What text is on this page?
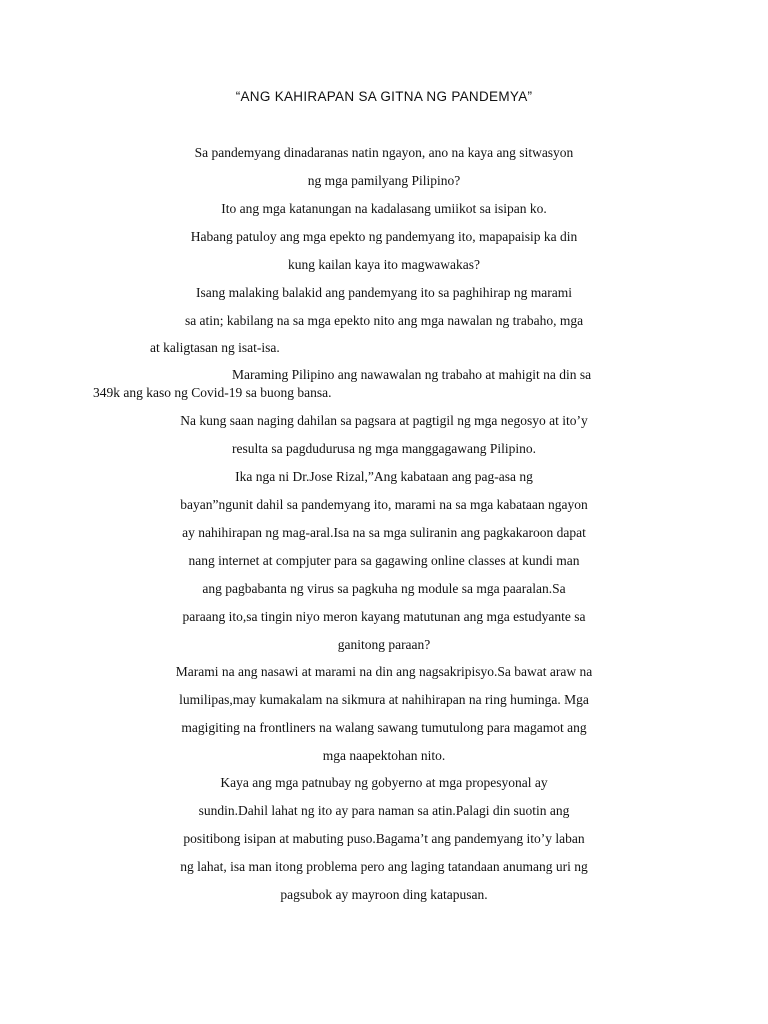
“ANG KAHIRAPAN SA GITNA NG PANDEMYA”
Sa pandemyang dinadaranas natin ngayon, ano na kaya ang sitwasyon
ng mga pamilyang Pilipino?
Ito ang mga katanungan na kadalasang umiikot sa isipan ko.
Habang patuloy ang mga epekto ng pandemyang ito, mapapaisip ka din
kung kailan kaya ito magwawakas?
Isang malaking balakid ang pandemyang ito sa paghihirap ng marami
sa atin; kabilang na sa mga epekto nito ang mga nawalan ng trabaho, mga
at kaligtasan ng isat-isa.
Maraming Pilipino ang nawawalan ng trabaho at mahigit na din sa
349k ang kaso ng Covid-19 sa buong bansa.
Na kung saan naging dahilan sa pagsara at pagtigil ng mga negosyo at ito’y
resulta sa pagdudurusa ng mga manggagawang Pilipino.
Ika nga ni Dr.Jose Rizal,”Ang kabataan ang pag-asa ng
bayan”ngunit dahil sa pandemyang ito, marami na sa mga kabataan ngayon
ay nahihirapan ng mag-aral.Isa na sa mga suliranin ang pagkakaroon dapat
nang internet at compjuter para sa gagawing online classes at kundi man
ang pagbabanta ng virus sa pagkuha ng module sa mga paaralan.Sa
paraang ito,sa tingin niyo meron kayang matutunan ang mga estudyante sa
ganitong paraan?
Marami na ang nasawi at marami na din ang nagsakripisyo.Sa bawat araw na
lumilipas,may kumakalam na sikmura at nahihirapan na ring huminga. Mga
magigiting na frontliners na walang sawang tumutulong para magamot ang
mga naapektohan nito.
Kaya ang mga patnubay ng gobyerno at mga propesyonal ay
sundin.Dahil lahat ng ito ay para naman sa atin.Palagi din suotin ang
positibong isipan at mabuting puso.Bagama’t ang pandemyang ito’y laban
ng lahat, isa man itong problema pero ang laging tatandaan anumang uri ng
pagsubok ay mayroon ding katapusan.
